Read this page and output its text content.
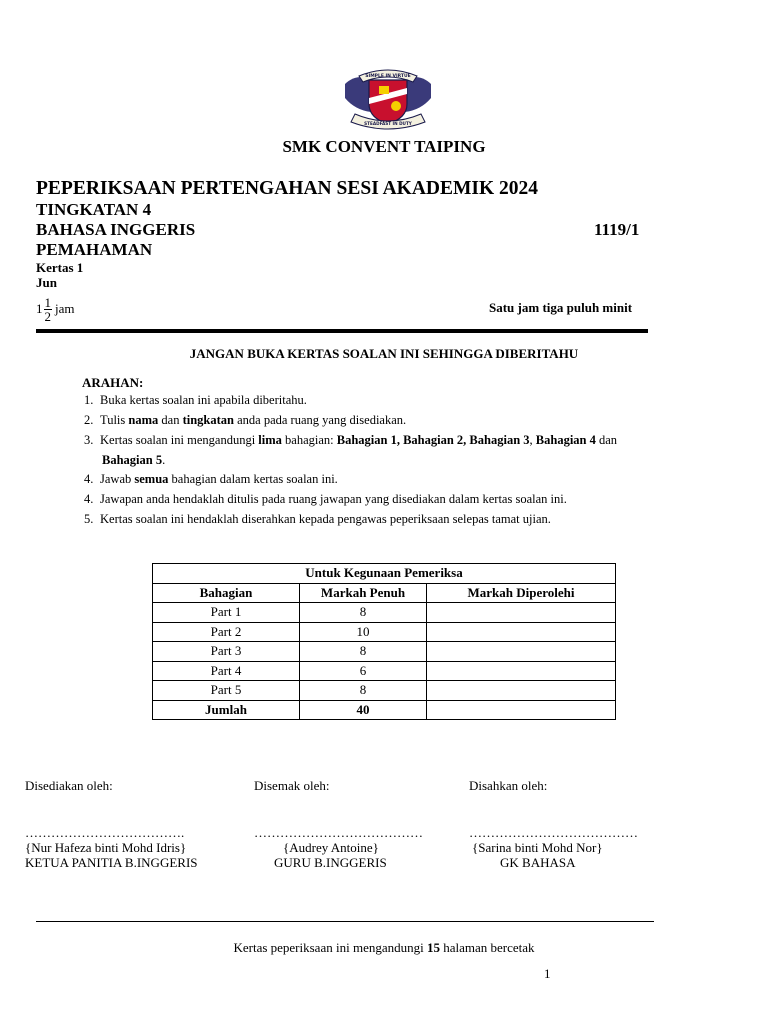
SIMPLE IN VIRTUE
STEADFAST IN DUTY
SMK CONVENT TAIPING
PEPERIKSAAN PERTENGAHAN SESI AKADEMIK 2024
TINGKATAN 4
BAHASA INGGERIS	1119/1
PEMAHAMAN
Kertas 1
Jun
$1 \frac{1}{2}$ jam	Satu jam tiga puluh minit
JANGAN BUKA KERTAS SOALAN INI SEHINGGA DIBERITAHU
ARAHAN:
1. Buka kertas soalan ini apabila diberitahu.
2. Tulis nama dan tingkatan anda pada ruang yang disediakan.
3. Kertas soalan ini mengandungi lima bahagian: Bahagian 1, Bahagian 2, Bahagian 3, Bahagian 4 dan
Bahagian 5.
4. Jawab semua bahagian dalam kertas soalan ini.
4. Jawapan anda hendaklah ditulis pada ruang jawapan yang disediakan dalam kertas soalan ini.
5. Kertas soalan ini hendaklah diserahkan kepada pengawas peperiksaan selepas tamat ujian.
Untuk Kegunaan Pemeriksa		
Bahagian	Markah Penuh	Markah Diperolehi
Part 1	8	
Part 2	10	
Part 3	8	
Part 4	6	
Part 5	8	
Jumlah	40	
Disediakan oleh:	Disemak oleh:	Disahkan oleh:
……………………………….	…………………………………	…………………………………
{Nur Hafeza binti Mohd Idris}	{Audrey Antoine}	{Sarina binti Mohd Nor}
KETUA PANITIA B.INGGERIS	GURU B.INGGERIS	GK BAHASA
Kertas peperiksaan ini mengandungi 15 halaman bercetak
1
